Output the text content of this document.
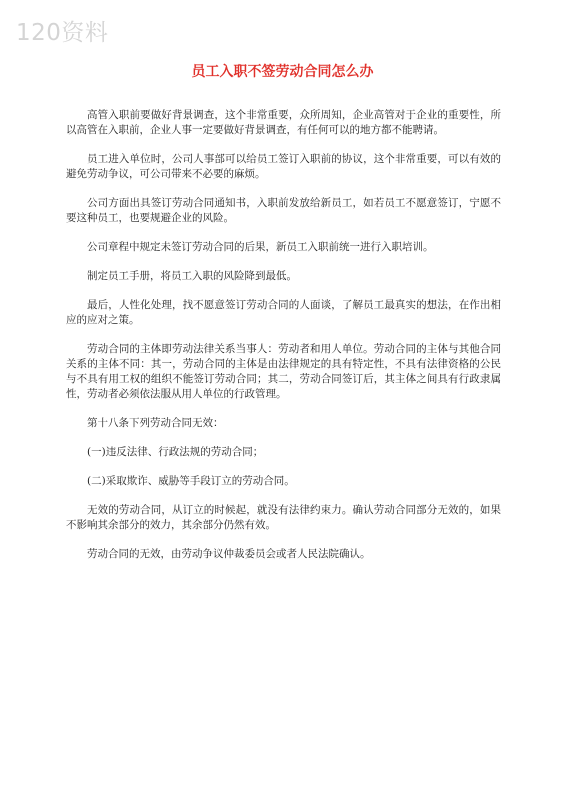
120资料
员工入职不签劳动合同怎么办

高管入职前要做好背景调查，这个非常重要，众所周知，企业高管对于企业的重要性，所以高管在入职前，企业人事一定要做好背景调查，有任何可以的地方都不能聘请。

员工进入单位时，公司人事部可以给员工签订入职前的协议，这个非常重要，可以有效的避免劳动争议，可公司带来不必要的麻烦。

公司方面出具签订劳动合同通知书，入职前发放给新员工，如若员工不愿意签订，宁愿不要这种员工，也要规避企业的风险。

公司章程中规定未签订劳动合同的后果，新员工入职前统一进行入职培训。

制定员工手册，将员工入职的风险降到最低。

最后，人性化处理，找不愿意签订劳动合同的人面谈，了解员工最真实的想法，在作出相应的应对之策。

劳动合同的主体即劳动法律关系当事人：劳动者和用人单位。劳动合同的主体与其他合同关系的主体不同：其一，劳动合同的主体是由法律规定的具有特定性，不具有法律资格的公民与不具有用工权的组织不能签订劳动合同；其二，劳动合同签订后，其主体之间具有行政隶属性，劳动者必须依法服从用人单位的行政管理。

第十八条下列劳动合同无效：

(一)违反法律、行政法规的劳动合同；

(二)采取欺诈、威胁等手段订立的劳动合同。

无效的劳动合同，从订立的时候起，就没有法律约束力。确认劳动合同部分无效的，如果不影响其余部分的效力，其余部分仍然有效。

劳动合同的无效，由劳动争议仲裁委员会或者人民法院确认。
